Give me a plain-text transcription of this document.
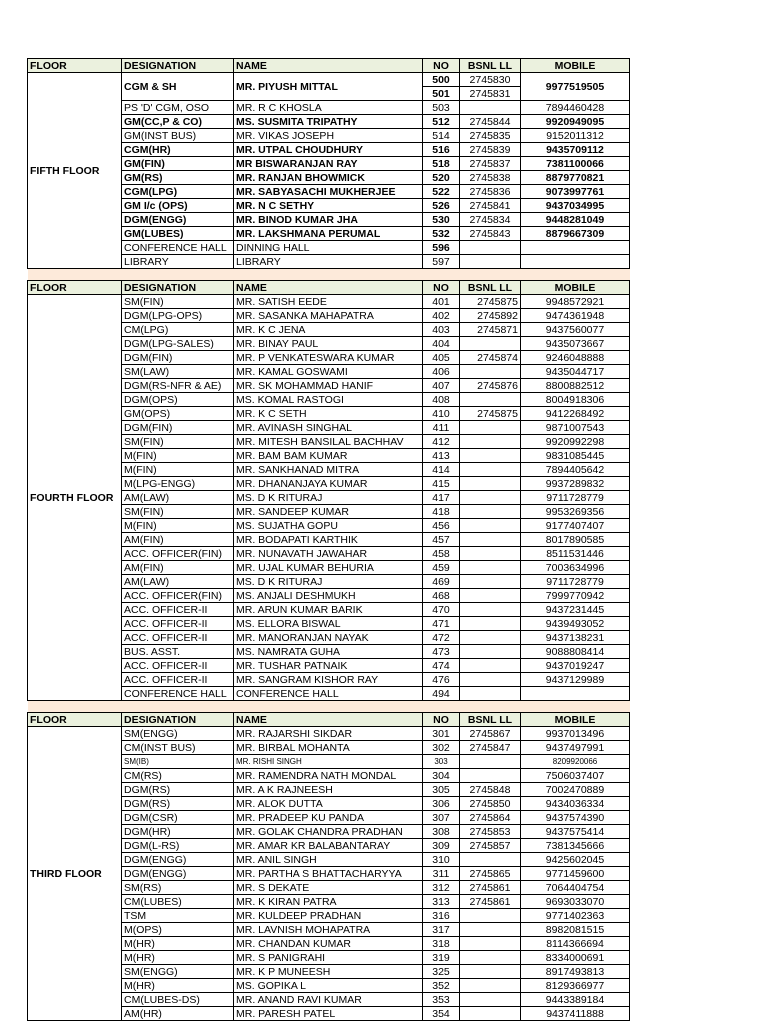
FLOOR	DESIGNATION	NAME	NO	BSNL LL	MOBILE
FIFTH FLOOR	CGM & SH	MR. PIYUSH MITTAL	500	2745830	9977519505
			501	2745831	
	PS 'D' CGM, OSO	MR. R C KHOSLA	503		7894460428
	GM(CC,P & CO)	MS. SUSMITA TRIPATHY	512	2745844	9920949095
	GM(INST BUS)	MR. VIKAS JOSEPH	514	2745835	9152011312
	CGM(HR)	MR. UTPAL CHOUDHURY	516	2745839	9435709112
	GM(FIN)	MR BISWARANJAN RAY	518	2745837	7381100066
	GM(RS)	MR. RANJAN BHOWMICK	520	2745838	8879770821
	CGM(LPG)	MR. SABYASACHI MUKHERJEE	522	2745836	9073997761
	GM I/c (OPS)	MR. N C SETHY	526	2745841	9437034995
	DGM(ENGG)	MR. BINOD KUMAR JHA	530	2745834	9448281049
	GM(LUBES)	MR. LAKSHMANA PERUMAL	532	2745843	8879667309
	CONFERENCE HALL	DINNING HALL	596		
	LIBRARY	LIBRARY	597		

FLOOR	DESIGNATION	NAME	NO	BSNL LL	MOBILE
FOURTH FLOOR	SM(FIN)	MR. SATISH EEDE	401	2745875	9948572921
	DGM(LPG-OPS)	MR. SASANKA MAHAPATRA	402	2745892	9474361948
	CM(LPG)	MR. K C JENA	403	2745871	9437560077
	DGM(LPG-SALES)	MR. BINAY PAUL	404		9435073667
	DGM(FIN)	MR. P VENKATESWARA KUMAR	405	2745874	9246048888
	SM(LAW)	MR. KAMAL GOSWAMI	406		9435044717
	DGM(RS-NFR & AE)	MR. SK MOHAMMAD HANIF	407	2745876	8800882512
	DGM(OPS)	MS. KOMAL RASTOGI	408		8004918306
	GM(OPS)	MR. K C SETH	410	2745875	9412268492
	DGM(FIN)	MR. AVINASH SINGHAL	411		9871007543
	SM(FIN)	MR. MITESH BANSILAL BACHHAV	412		9920992298
	M(FIN)	MR. BAM BAM KUMAR	413		9831085445
	M(FIN)	MR. SANKHANAD MITRA	414		7894405642
	M(LPG-ENGG)	MR. DHANANJAYA KUMAR	415		9937289832
	AM(LAW)	MS. D K RITURAJ	417		9711728779
	SM(FIN)	MR. SANDEEP KUMAR	418		9953269356
	M(FIN)	MS. SUJATHA GOPU	456		9177407407
	AM(FIN)	MR. BODAPATI KARTHIK	457		8017890585
	ACC. OFFICER(FIN)	MR. NUNAVATH JAWAHAR	458		8511531446
	AM(FIN)	MR. UJAL KUMAR BEHURIA	459		7003634996
	AM(LAW)	MS. D K RITURAJ	469		9711728779
	ACC. OFFICER(FIN)	MS. ANJALI DESHMUKH	468		7999770942
	ACC. OFFICER-II	MR. ARUN KUMAR BARIK	470		9437231445
	ACC. OFFICER-II	MS. ELLORA BISWAL	471		9439493052
	ACC. OFFICER-II	MR. MANORANJAN NAYAK	472		9437138231
	BUS. ASST.	MS. NAMRATA GUHA	473		9088808414
	ACC. OFFICER-II	MR. TUSHAR PATNAIK	474		9437019247
	ACC. OFFICER-II	MR. SANGRAM KISHOR RAY	476		9437129989
	CONFERENCE HALL	CONFERENCE HALL	494		

FLOOR	DESIGNATION	NAME	NO	BSNL LL	MOBILE
THIRD FLOOR	SM(ENGG)	MR. RAJARSHI SIKDAR	301	2745867	9937013496
	CM(INST BUS)	MR. BIRBAL MOHANTA	302	2745847	9437497991
	SM(IB)	MR. RISHI SINGH	303		8209920066
	CM(RS)	MR. RAMENDRA NATH MONDAL	304		7506037407
	DGM(RS)	MR. A K RAJNEESH	305	2745848	7002470889
	DGM(RS)	MR. ALOK DUTTA	306	2745850	9434036334
	DGM(CSR)	MR. PRADEEP KU PANDA	307	2745864	9437574390
	DGM(HR)	MR. GOLAK CHANDRA PRADHAN	308	2745853	9437575414
	DGM(L-RS)	MR. AMAR KR BALABANTARAY	309	2745857	7381345666
	DGM(ENGG)	MR. ANIL SINGH	310		9425602045
	DGM(ENGG)	MR. PARTHA S BHATTACHARYYA	311	2745865	9771459600
	SM(RS)	MR. S DEKATE	312	2745861	7064404754
	CM(LUBES)	MR. K KIRAN PATRA	313	2745861	9693033070
	TSM	MR. KULDEEP PRADHAN	316		9771402363
	M(OPS)	MR. LAVNISH MOHAPATRA	317		8982081515
	M(HR)	MR. CHANDAN KUMAR	318		8114366694
	M(HR)	MR. S PANIGRAHI	319		8334000691
	SM(ENGG)	MR. K P MUNEESH	325		8917493813
	M(HR)	MS. GOPIKA L	352		8129366977
	CM(LUBES-DS)	MR. ANAND RAVI KUMAR	353		9443389184
	AM(HR)	MR. PARESH PATEL	354		9437411888
